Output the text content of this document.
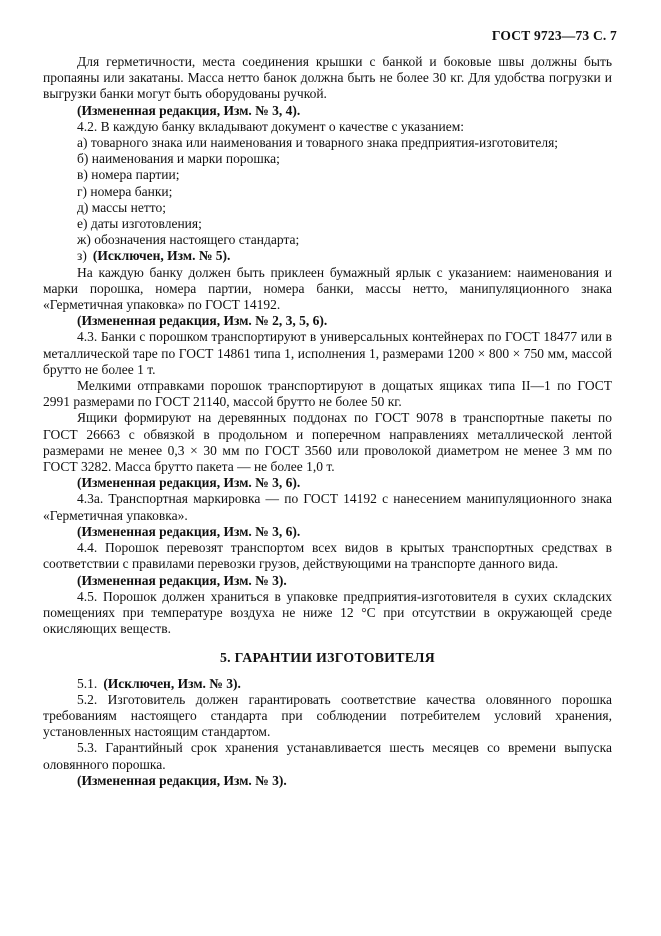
ГОСТ 9723—73 С. 7

Для герметичности, места соединения крышки с банкой и боковые швы должны быть пропаяны или закатаны. Масса нетто банок должна быть не более 30 кг. Для удобства погрузки и выгрузки банки могут быть оборудованы ручкой.

(Измененная редакция, Изм. № 3, 4).

4.2. В каждую банку вкладывают документ о качестве с указанием:

а) товарного знака или наименования и товарного знака предприятия-изготовителя;

б) наименования и марки порошка;

в) номера партии;

г) номера банки;

д) массы нетто;

е) даты изготовления;

ж) обозначения настоящего стандарта;

з) (Исключен, Изм. № 5).

На каждую банку должен быть приклеен бумажный ярлык с указанием: наименования и марки порошка, номера партии, номера банки, массы нетто, манипуляционного знака «Герметичная упаковка» по ГОСТ 14192.

(Измененная редакция, Изм. № 2, 3, 5, 6).

4.3. Банки с порошком транспортируют в универсальных контейнерах по ГОСТ 18477 или в металлической таре по ГОСТ 14861 типа 1, исполнения 1, размерами 1200 × 800 × 750 мм, массой брутто не более 1 т.

Мелкими отправками порошок транспортируют в дощатых ящиках типа II—1 по ГОСТ 2991 размерами по ГОСТ 21140, массой брутто не более 50 кг.

Ящики формируют на деревянных поддонах по ГОСТ 9078 в транспортные пакеты по ГОСТ 26663 с обвязкой в продольном и поперечном направлениях металлической лентой размерами не менее 0,3 × 30 мм по ГОСТ 3560 или проволокой диаметром не менее 3 мм по ГОСТ 3282. Масса брутто пакета — не более 1,0 т.

(Измененная редакция, Изм. № 3, 6).

4.3а. Транспортная маркировка — по ГОСТ 14192 с нанесением манипуляционного знака «Герметичная упаковка».

(Измененная редакция, Изм. № 3, 6).

4.4. Порошок перевозят транспортом всех видов в крытых транспортных средствах в соответствии с правилами перевозки грузов, действующими на транспорте данного вида.

(Измененная редакция, Изм. № 3).

4.5. Порошок должен храниться в упаковке предприятия-изготовителя в сухих складских помещениях при температуре воздуха не ниже 12 °С при отсутствии в окружающей среде окисляющих веществ.

5. ГАРАНТИИ ИЗГОТОВИТЕЛЯ

5.1. (Исключен, Изм. № 3).

5.2. Изготовитель должен гарантировать соответствие качества оловянного порошка требованиям настоящего стандарта при соблюдении потребителем условий хранения, установленных настоящим стандартом.

5.3. Гарантийный срок хранения устанавливается шесть месяцев со времени выпуска оловянного порошка.

(Измененная редакция, Изм. № 3).
